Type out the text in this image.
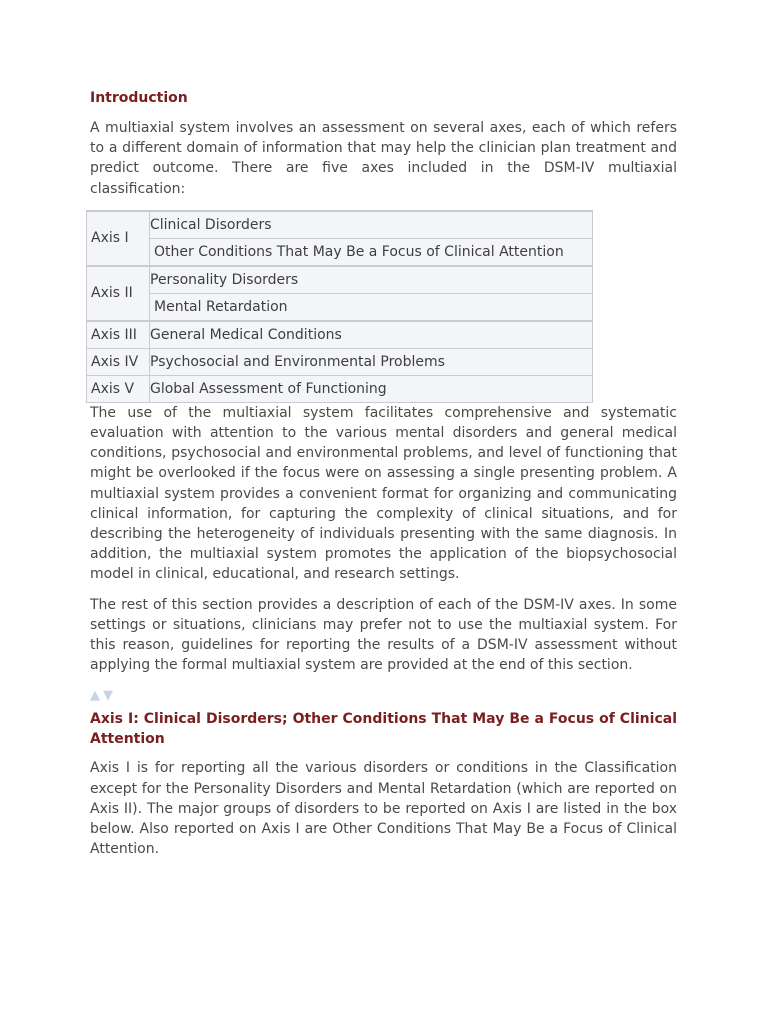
Introduction

A multiaxial system involves an assessment on several axes, each of which refers to a different domain of information that may help the clinician plan treatment and predict outcome. There are five axes included in the DSM-IV multiaxial classification:

Axis I	Clinical Disorders
	Other Conditions That May Be a Focus of Clinical Attention
Axis II	Personality Disorders
	Mental Retardation
Axis III	General Medical Conditions
Axis IV	Psychosocial and Environmental Problems
Axis V	Global Assessment of Functioning

The use of the multiaxial system facilitates comprehensive and systematic evaluation with attention to the various mental disorders and general medical conditions, psychosocial and environmental problems, and level of functioning that might be overlooked if the focus were on assessing a single presenting problem. A multiaxial system provides a convenient format for organizing and communicating clinical information, for capturing the complexity of clinical situations, and for describing the heterogeneity of individuals presenting with the same diagnosis. In addition, the multiaxial system promotes the application of the biopsychosocial model in clinical, educational, and research settings.

The rest of this section provides a description of each of the DSM-IV axes. In some settings or situations, clinicians may prefer not to use the multiaxial system. For this reason, guidelines for reporting the results of a DSM-IV assessment without applying the formal multiaxial system are provided at the end of this section.

▲ ▼
Axis I: Clinical Disorders; Other Conditions That May Be a Focus of Clinical Attention

Axis I is for reporting all the various disorders or conditions in the Classification except for the Personality Disorders and Mental Retardation (which are reported on Axis II). The major groups of disorders to be reported on Axis I are listed in the box below. Also reported on Axis I are Other Conditions That May Be a Focus of Clinical Attention.
